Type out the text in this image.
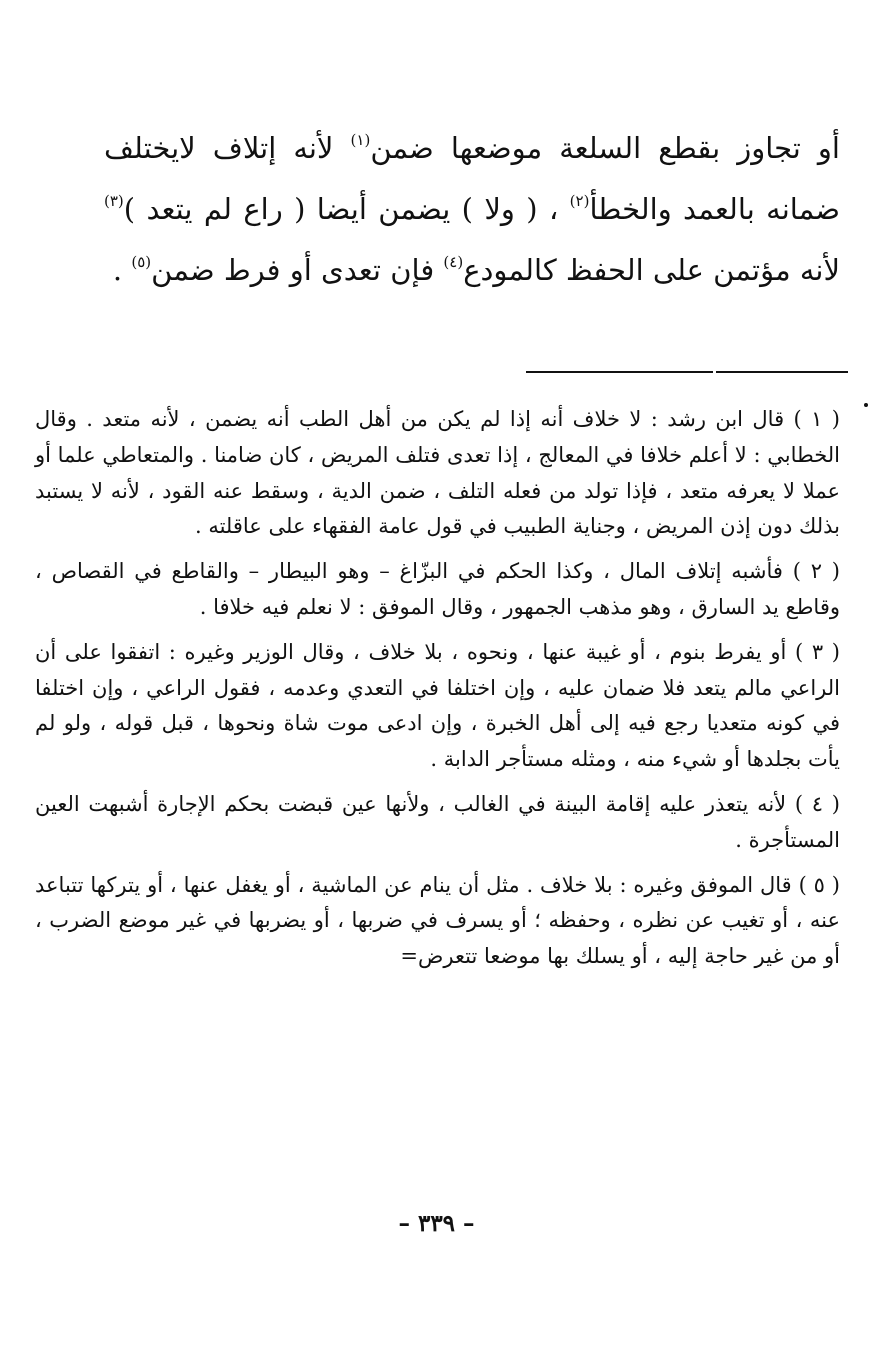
أو تجاوز بقطع السلعة موضعها ضمن$^{(١)}$ لأنه إتلاف لايختلف ضمانه بالعمد والخطأ$^{(٢)}$ ، ( ولا ) يضمن أيضا ( راع لم يتعد )$^{(٣)}$ لأنه مؤتمن على الحفظ كالمودع$^{(٤)}$ فإن تعدى أو فرط ضمن$^{(٥)}$ .

( ١ ) قال ابن رشد : لا خلاف أنه إذا لم يكن من أهل الطب أنه يضمن ، لأنه متعد . وقال الخطابي : لا أعلم خلافا في المعالج ، إذا تعدى فتلف المريض ، كان ضامنا . والمتعاطي علما أو عملا لا يعرفه متعد ، فإذا تولد من فعله التلف ، ضمن الدية ، وسقط عنه القود ، لأنه لا يستبد بذلك دون إذن المريض ، وجناية الطبيب في قول عامة الفقهاء على عاقلته .

( ٢ ) فأشبه إتلاف المال ، وكذا الحكم في البزّاغ – وهو البيطار – والقاطع في القصاص ، وقاطع يد السارق ، وهو مذهب الجمهور ، وقال الموفق : لا نعلم فيه خلافا .

( ٣ ) أو يفرط بنوم ، أو غيبة عنها ، ونحوه ، بلا خلاف ، وقال الوزير وغيره : اتفقوا على أن الراعي مالم يتعد فلا ضمان عليه ، وإن اختلفا في التعدي وعدمه ، فقول الراعي ، وإن اختلفا في كونه متعديا رجع فيه إلى أهل الخبرة ، وإن ادعى موت شاة ونحوها ، قبل قوله ، ولو لم يأت بجلدها أو شيء منه ، ومثله مستأجر الدابة .

( ٤ ) لأنه يتعذر عليه إقامة البينة في الغالب ، ولأنها عين قبضت بحكم الإجارة أشبهت العين المستأجرة .

( ٥ ) قال الموفق وغيره : بلا خلاف . مثل أن ينام عن الماشية ، أو يغفل عنها ، أو يتركها تتباعد عنه ، أو تغيب عن نظره ، وحفظه ؛ أو يسرف في ضربها ، أو يضربها في غير موضع الضرب ، أو من غير حاجة إليه ، أو يسلك بها موضعا تتعرض=

– ٣٣٩ –
